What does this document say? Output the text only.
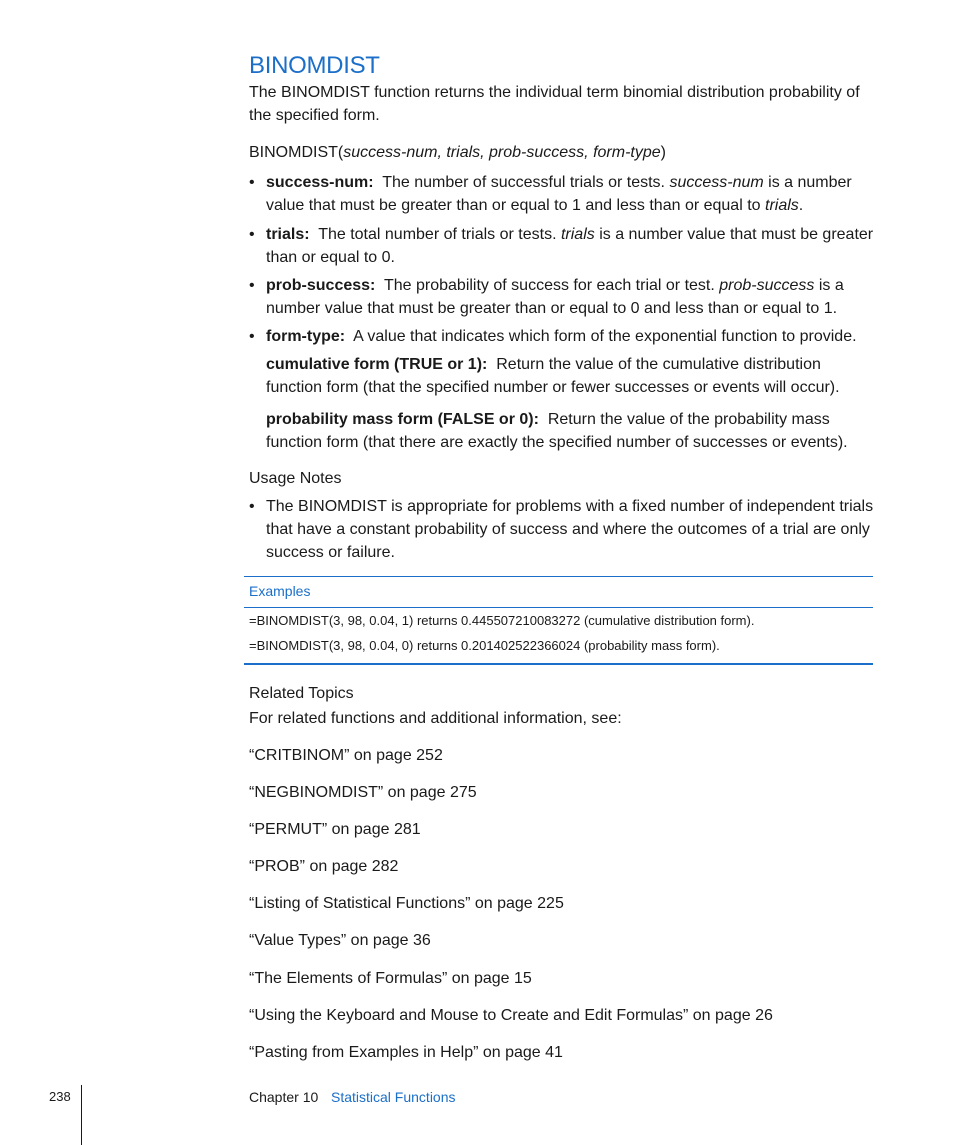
BINOMDIST
The BINOMDIST function returns the individual term binomial distribution probability of the specified form.
BINOMDIST(success-num, trials, prob-success, form-type)
• success-num: The number of successful trials or tests. success-num is a number value that must be greater than or equal to 1 and less than or equal to trials.
• trials: The total number of trials or tests. trials is a number value that must be greater than or equal to 0.
• prob-success: The probability of success for each trial or test. prob-success is a number value that must be greater than or equal to 0 and less than or equal to 1.
• form-type: A value that indicates which form of the exponential function to provide.
cumulative form (TRUE or 1): Return the value of the cumulative distribution function form (that the specified number or fewer successes or events will occur).
probability mass form (FALSE or 0): Return the value of the probability mass function form (that there are exactly the specified number of successes or events).
Usage Notes
• The BINOMDIST is appropriate for problems with a fixed number of independent trials that have a constant probability of success and where the outcomes of a trial are only success or failure.
Examples
=BINOMDIST(3, 98, 0.04, 1) returns 0.445507210083272 (cumulative distribution form).
=BINOMDIST(3, 98, 0.04, 0) returns 0.201402522366024 (probability mass form).
Related Topics
For related functions and additional information, see:
“CRITBINOM” on page 252
“NEGBINOMDIST” on page 275
“PERMUT” on page 281
“PROB” on page 282
“Listing of Statistical Functions” on page 225
“Value Types” on page 36
“The Elements of Formulas” on page 15
“Using the Keyboard and Mouse to Create and Edit Formulas” on page 26
“Pasting from Examples in Help” on page 41
238	Chapter 10 Statistical Functions
